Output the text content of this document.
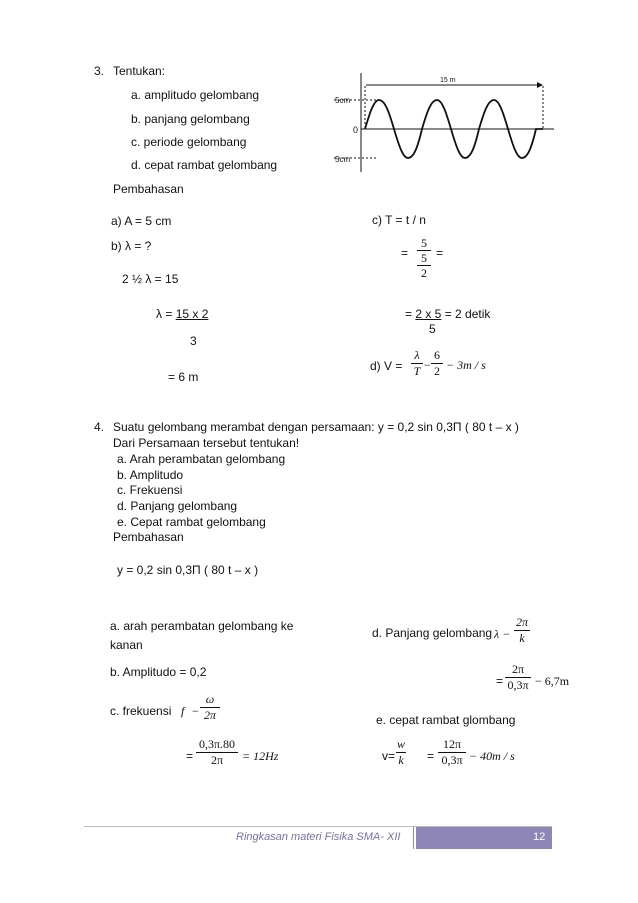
3. Tentukan:
a. amplitudo gelombang
b. panjang gelombang
c. periode gelombang
d. cepat rambat gelombang
Pembahasan
15 m
5cm
0
5cm
a) A = 5 cm
b) λ = ?
2 ½ λ = 15
λ = 15 x 2
3
= 6 m
c) T = t / n
=
5
5
2
=
= 2 x 5 = 2 detik
5
d) V =
λ
T −
6
2 − 3m / s
4. Suatu gelombang merambat dengan persamaan: y = 0,2 sin 0,3Π ( 80 t – x )
Dari Persamaan tersebut tentukan!
a. Arah perambatan gelombang
b. Amplitudo
c. Frekuensi
d. Panjang gelombang
e. Cepat rambat gelombang
Pembahasan
y = 0,2 sin 0,3Π ( 80 t – x )
a. arah perambatan gelombang ke
kanan
b. Amplitudo = 0,2
c. frekuensi f −
ω
2π
=
0,3π.80
2π	= 12Hz
d. Panjang gelombang λ −
2π
k
=
2π
0,3π − 6,7m
e. cepat rambat glombang
v=
w
k =
12π
0,3π − 40m / s
Ringkasan materi Fisika SMA- XII	12
